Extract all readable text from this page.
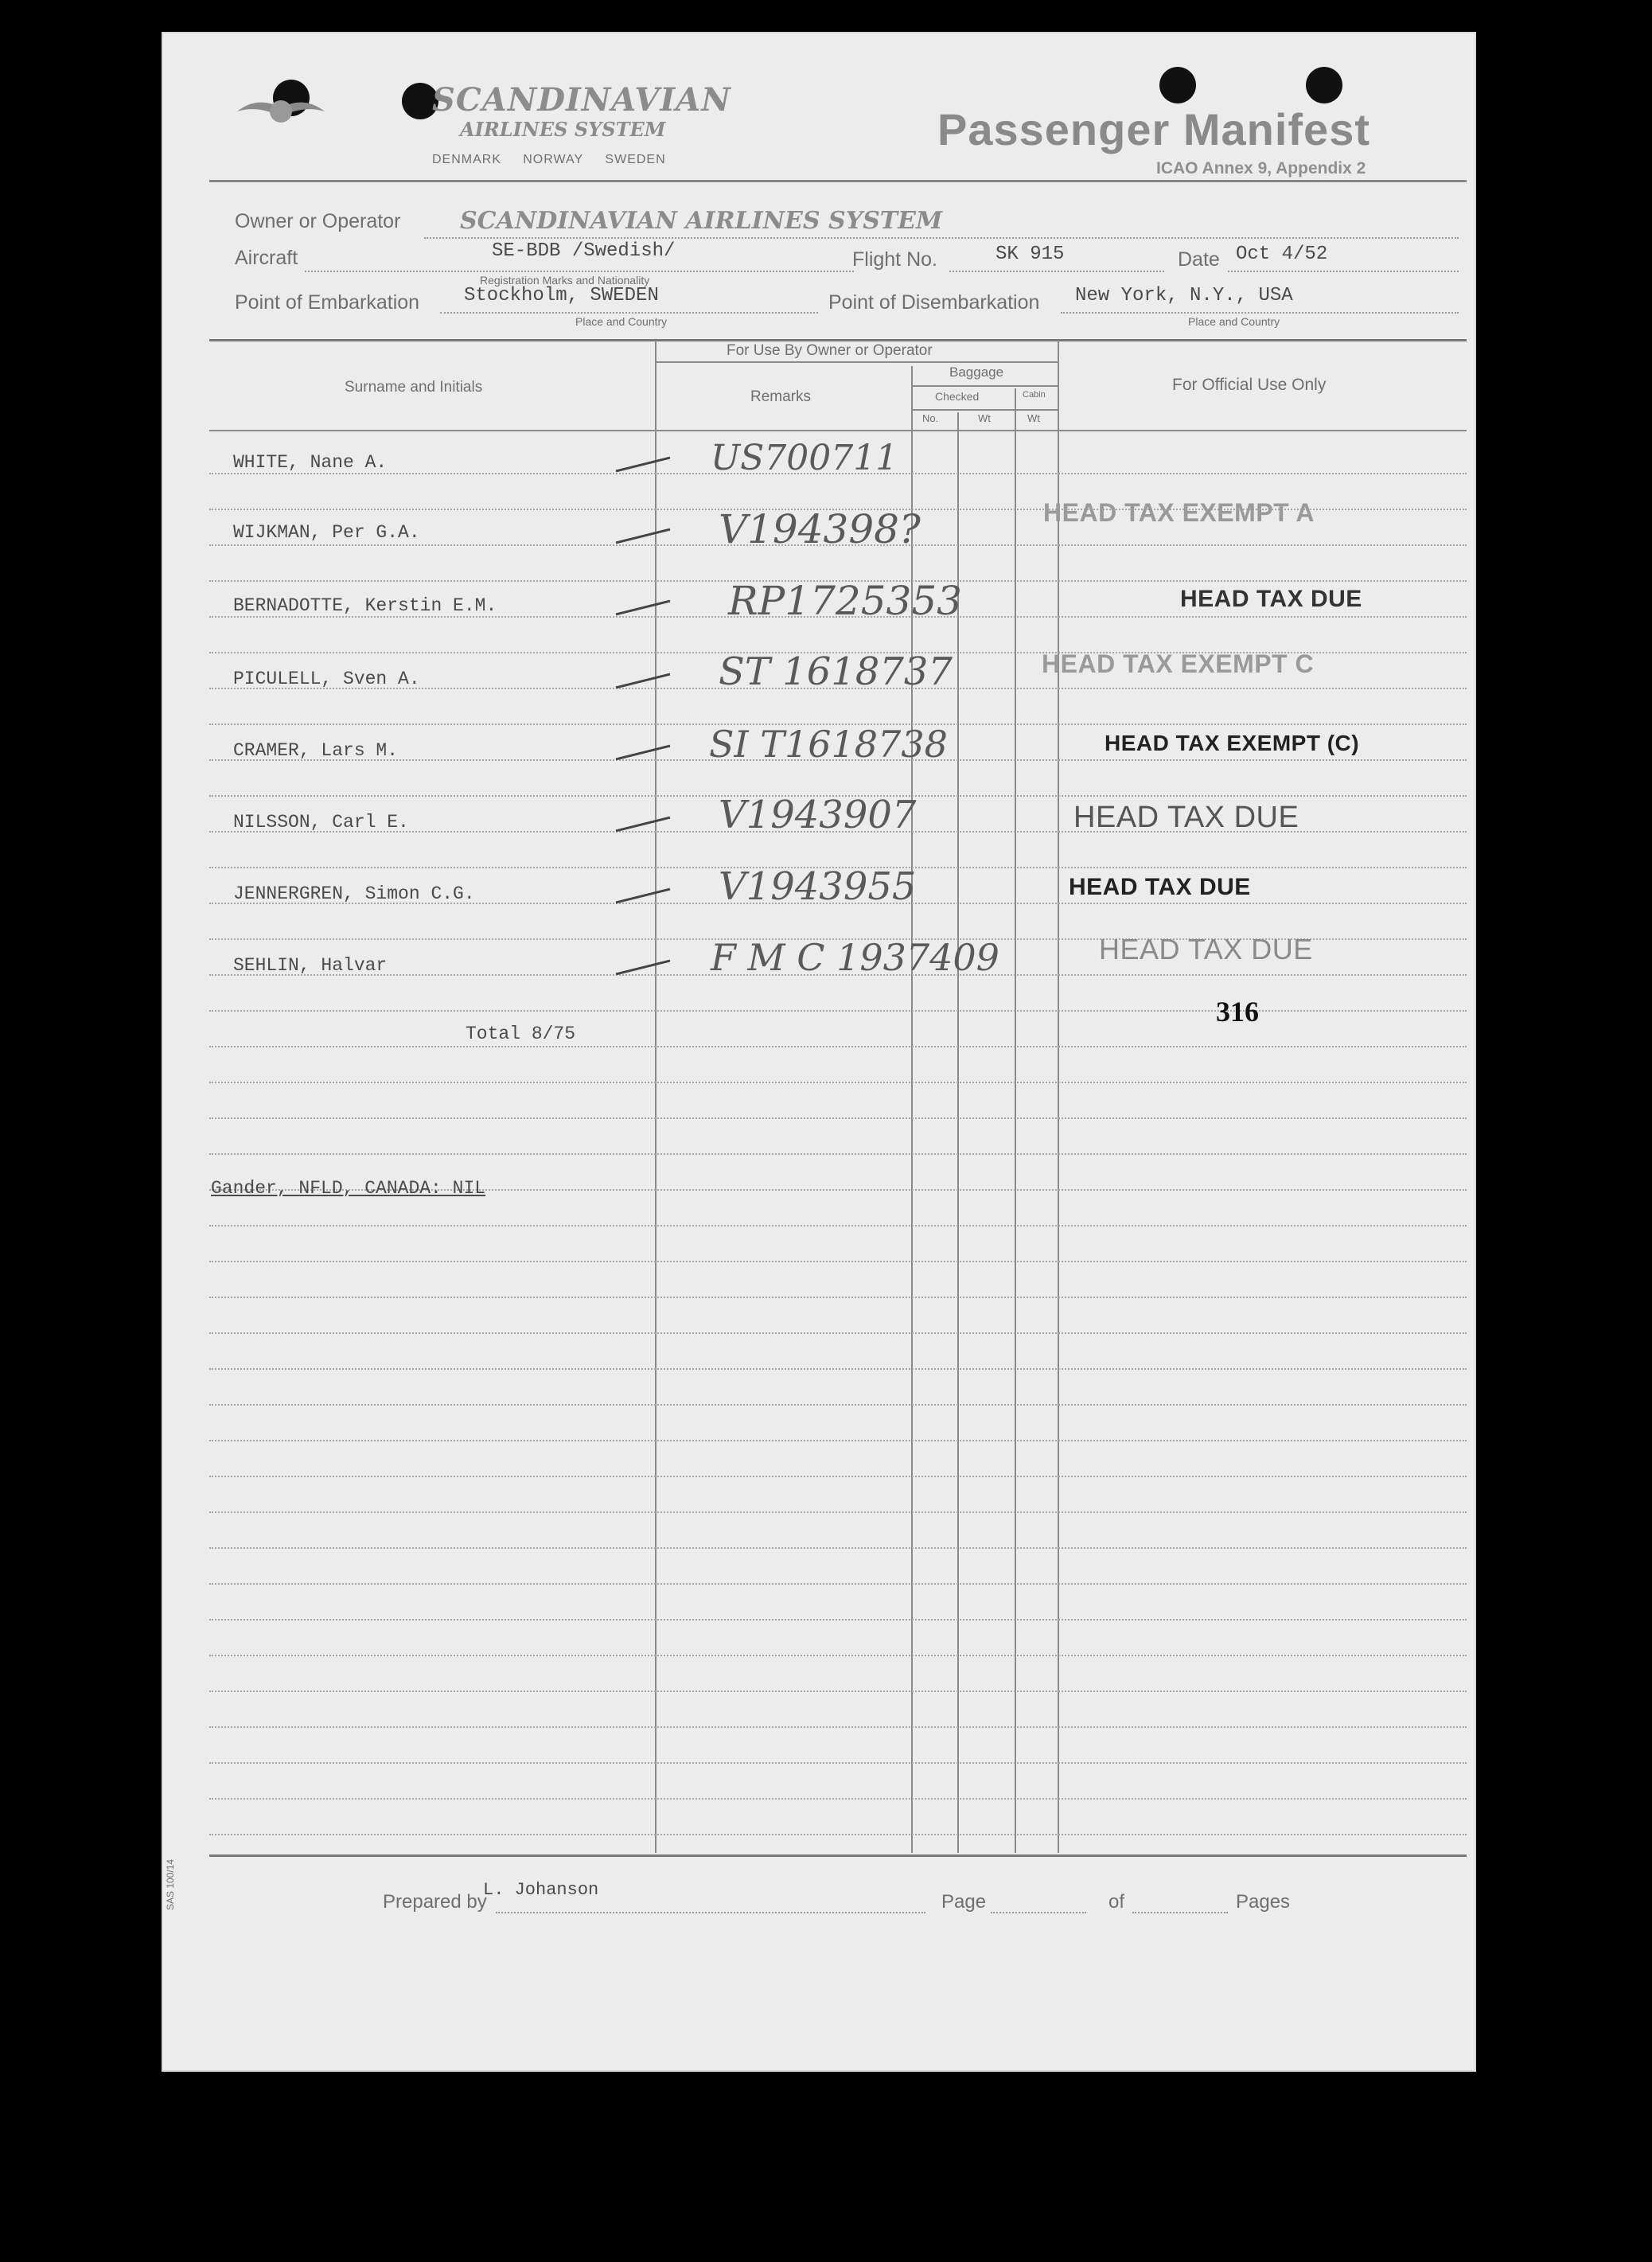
SCANDINAVIAN
AIRLINES SYSTEM
DENMARK NORWAY SWEDEN
Passenger Manifest
ICAO Annex 9, Appendix 2
Owner or Operator SCANDINAVIAN AIRLINES SYSTEM
Aircraft	SE-BDB /Swedish/
Registration Marks and Nationality
Flight No.	SK 915	Date Oct 4/52
Point of Embarkation Stockholm, SWEDEN
Place and Country
Point of Disembarkation New York, N.Y., USA
Place and Country
Surname and Initials
For Use By Owner or Operator
Remarks
Baggage
Checked	Cabin
No.	Wt	Wt
For Official Use Only
WHITE, Nane A.	US700711
WIJKMAN, Per G.A.	V194398?	HEAD TAX EXEMPT A
BERNADOTTE, Kerstin E.M.	RP1725353	HEAD TAX DUE
PICULELL, Sven A.	ST 1618737	HEAD TAX EXEMPT C
CRAMER, Lars M.	SI T1618738	HEAD TAX EXEMPT (C)
NILSSON, Carl E.	V1943907	HEAD TAX DUE
JENNERGREN, Simon C.G.	V1943955	HEAD TAX DUE
SEHLIN, Halvar	F M C 1937409	HEAD TAX DUE
Total 8/75
316
Gander, NFLD, CANADA: NIL
Prepared by
L. Johanson
Page	of	Pages
SAS 100/14
